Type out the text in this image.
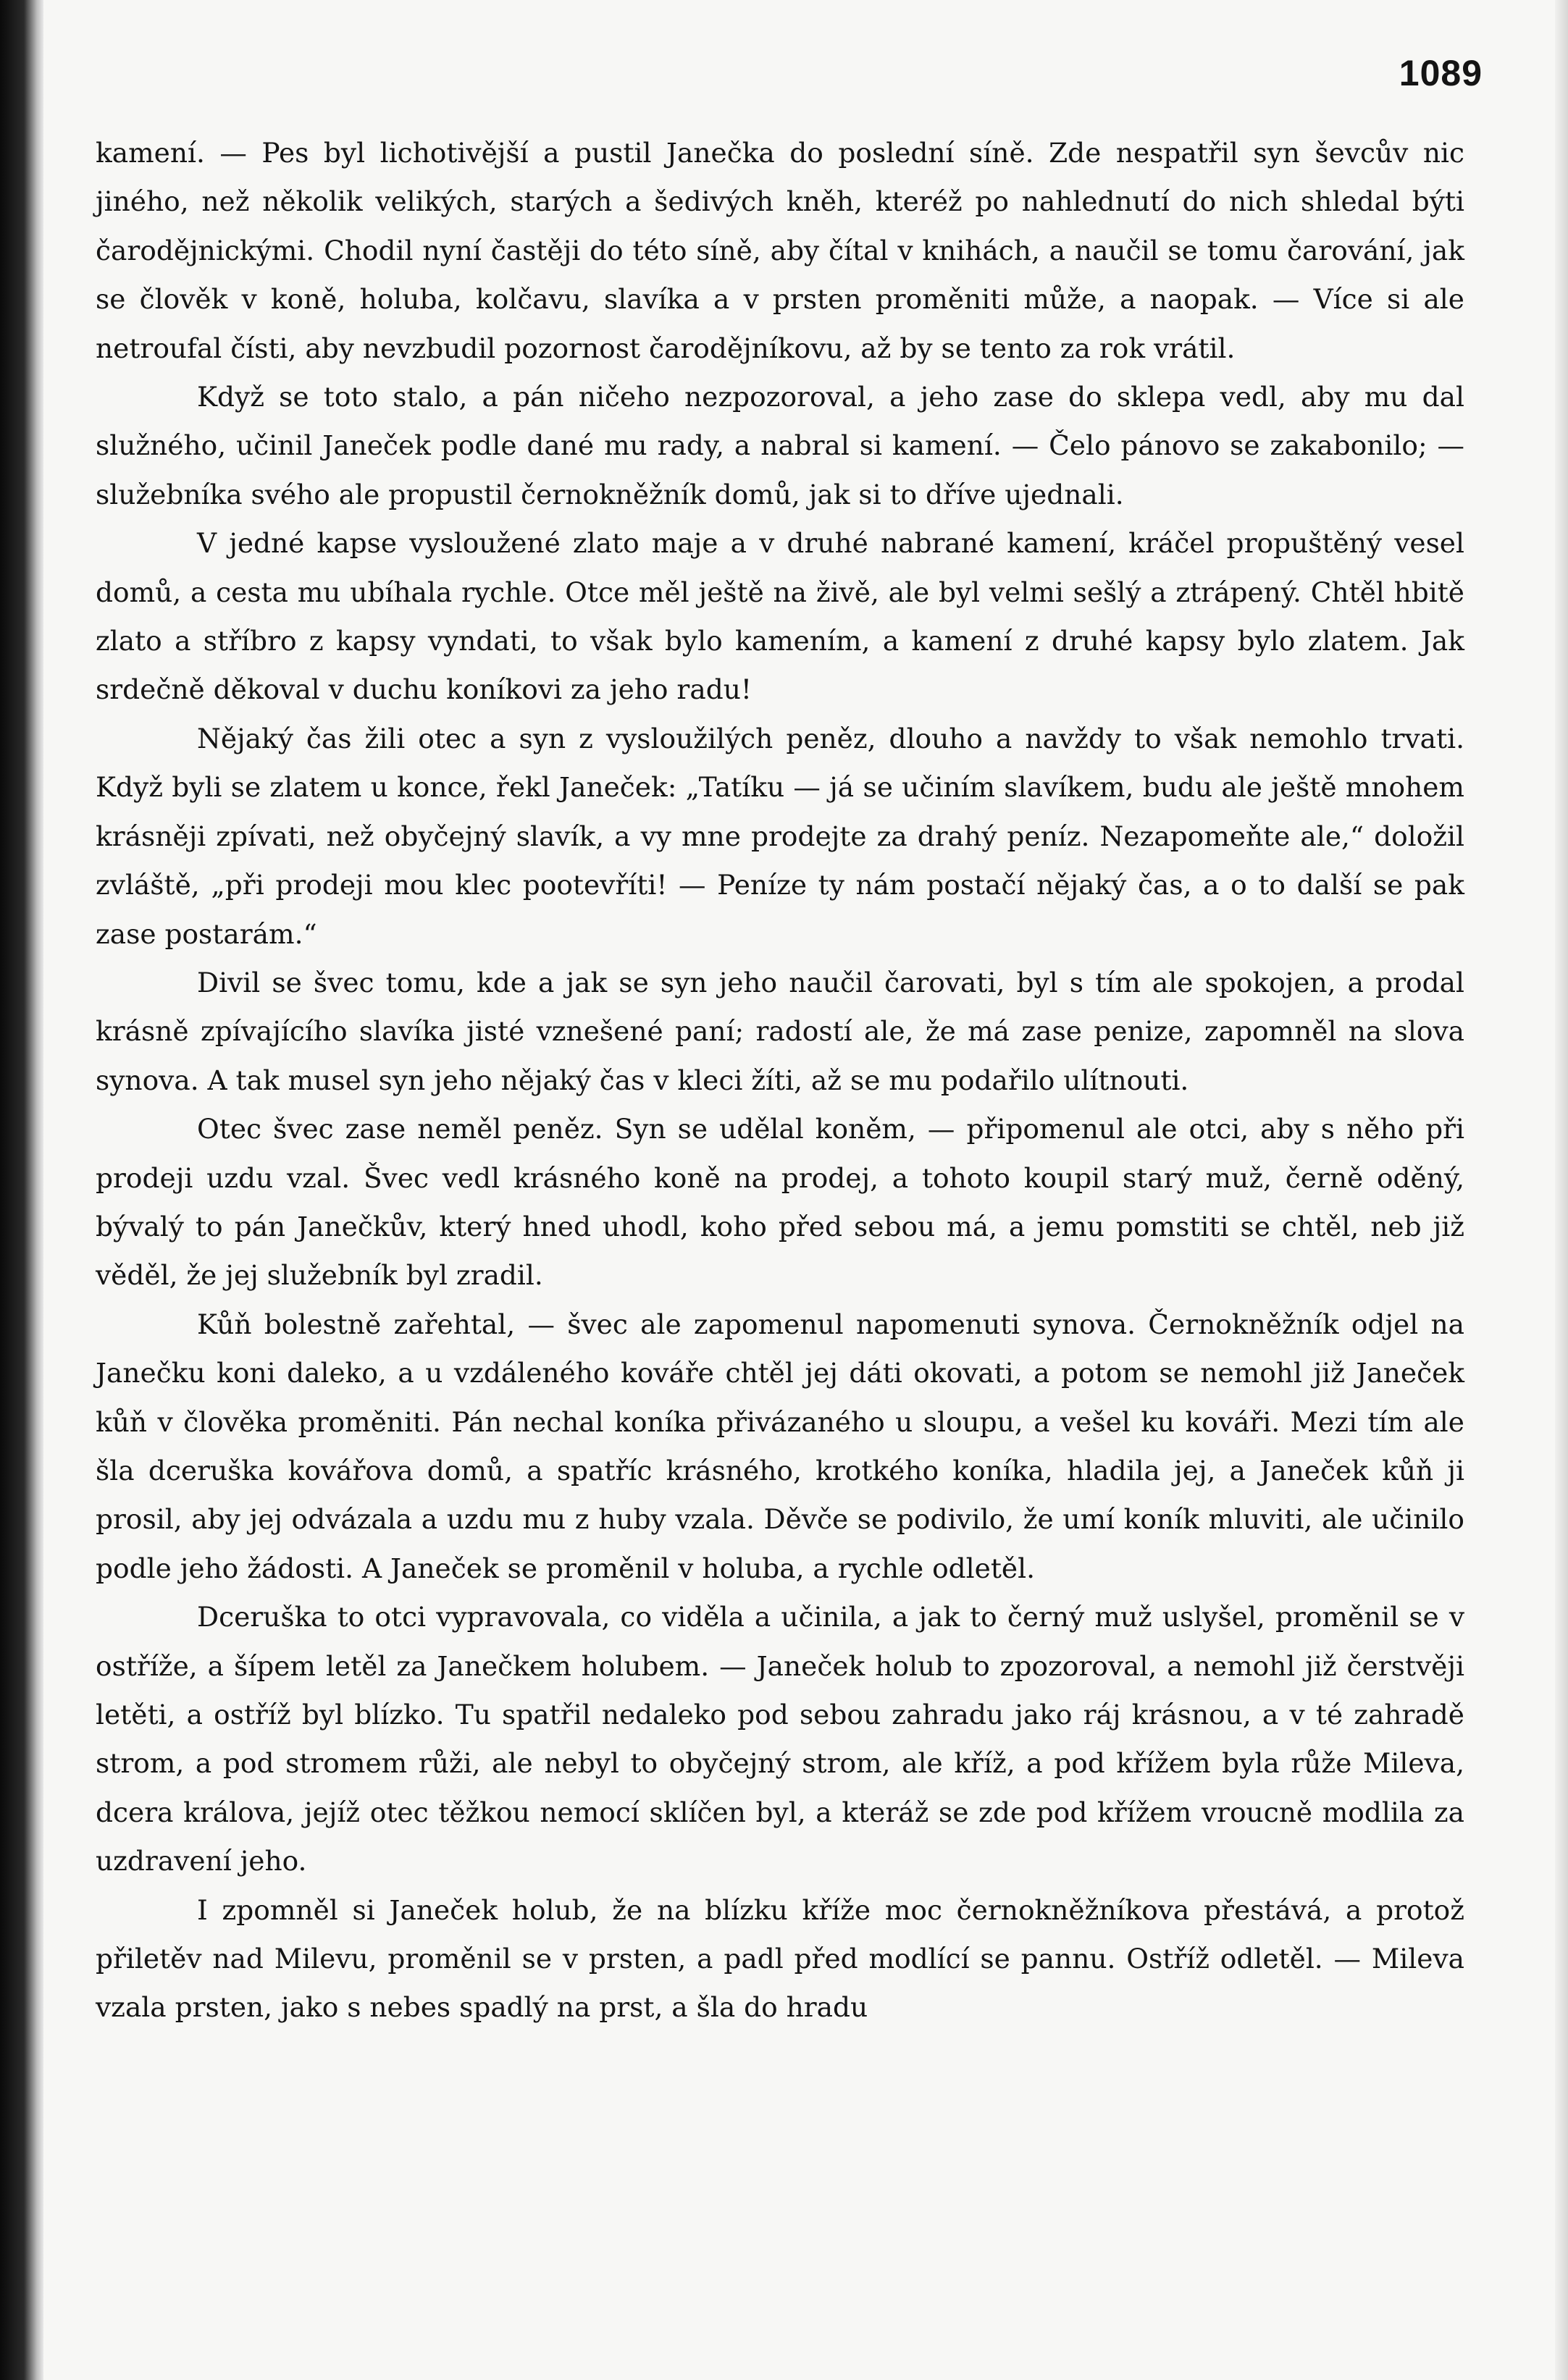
1089

kamení. — Pes byl lichotivější a pustil Janečka do poslední síně. Zde nespatřil syn ševcův nic jiného, než několik velikých, starých a šedivých kněh, kteréž po nahlednutí do nich shledal býti čarodějnickými. Chodil nyní častěji do této síně, aby čítal v knihách, a naučil se tomu čarování, jak se člověk v koně, holuba, kolčavu, slavíka a v prsten proměniti může, a naopak. — Více si ale netroufal čísti, aby nevzbudil pozornost čarodějníkovu, až by se tento za rok vrátil.

Když se toto stalo, a pán ničeho nezpozoroval, a jeho zase do sklepa vedl, aby mu dal služného, učinil Janeček podle dané mu rady, a nabral si kamení. — Čelo pánovo se zakabonilo; — služebníka svého ale propustil černokněžník domů, jak si to dříve ujednali.

V jedné kapse vysloužené zlato maje a v druhé nabrané kamení, kráčel propuštěný vesel domů, a cesta mu ubíhala rychle. Otce měl ještě na živě, ale byl velmi sešlý a ztrápený. Chtěl hbitě zlato a stříbro z kapsy vyndati, to však bylo kamením, a kamení z druhé kapsy bylo zlatem. Jak srdečně děkoval v duchu koníkovi za jeho radu!

Nějaký čas žili otec a syn z vysloužilých peněz, dlouho a navždy to však nemohlo trvati. Když byli se zlatem u konce, řekl Janeček: „Tatíku — já se učiním slavíkem, budu ale ještě mnohem krásněji zpívati, než obyčejný slavík, a vy mne prodejte za drahý peníz. Nezapomeňte ale,“ doložil zvláště, „při prodeji mou klec pootevříti! — Peníze ty nám postačí nějaký čas, a o to další se pak zase postarám.“

Divil se švec tomu, kde a jak se syn jeho naučil čarovati, byl s tím ale spokojen, a prodal krásně zpívajícího slavíka jisté vznešené paní; radostí ale, že má zase penize, zapomněl na slova synova. A tak musel syn jeho nějaký čas v kleci žíti, až se mu podařilo ulítnouti.

Otec švec zase neměl peněz. Syn se udělal koněm, — připomenul ale otci, aby s něho při prodeji uzdu vzal. Švec vedl krásného koně na prodej, a tohoto koupil starý muž, černě oděný, bývalý to pán Janečkův, který hned uhodl, koho před sebou má, a jemu pomstiti se chtěl, neb již věděl, že jej služebník byl zradil.

Kůň bolestně zařehtal, — švec ale zapomenul napomenuti synova. Černokněžník odjel na Janečku koni daleko, a u vzdáleného kováře chtěl jej dáti okovati, a potom se nemohl již Janeček kůň v člověka proměniti. Pán nechal koníka přivázaného u sloupu, a vešel ku kováři. Mezi tím ale šla dceruška kovářova domů, a spatříc krásného, krotkého koníka, hladila jej, a Janeček kůň ji prosil, aby jej odvázala a uzdu mu z huby vzala. Děvče se podivilo, že umí koník mluviti, ale učinilo podle jeho žádosti. A Janeček se proměnil v holuba, a rychle odletěl.

Dceruška to otci vypravovala, co viděla a učinila, a jak to černý muž uslyšel, proměnil se v ostříže, a šípem letěl za Janečkem holubem. — Janeček holub to zpozoroval, a nemohl již čerstvěji letěti, a ostříž byl blízko. Tu spatřil nedaleko pod sebou zahradu jako ráj krásnou, a v té zahradě strom, a pod stromem růži, ale nebyl to obyčejný strom, ale kříž, a pod křížem byla růže Mileva, dcera králova, jejíž otec těžkou nemocí sklíčen byl, a kteráž se zde pod křížem vroucně modlila za uzdravení jeho.

I zpomněl si Janeček holub, že na blízku kříže moc černokněžníkova přestává, a protož přiletěv nad Milevu, proměnil se v prsten, a padl před modlící se pannu. Ostříž odletěl. — Mileva vzala prsten, jako s nebes spadlý na prst, a šla do hradu
